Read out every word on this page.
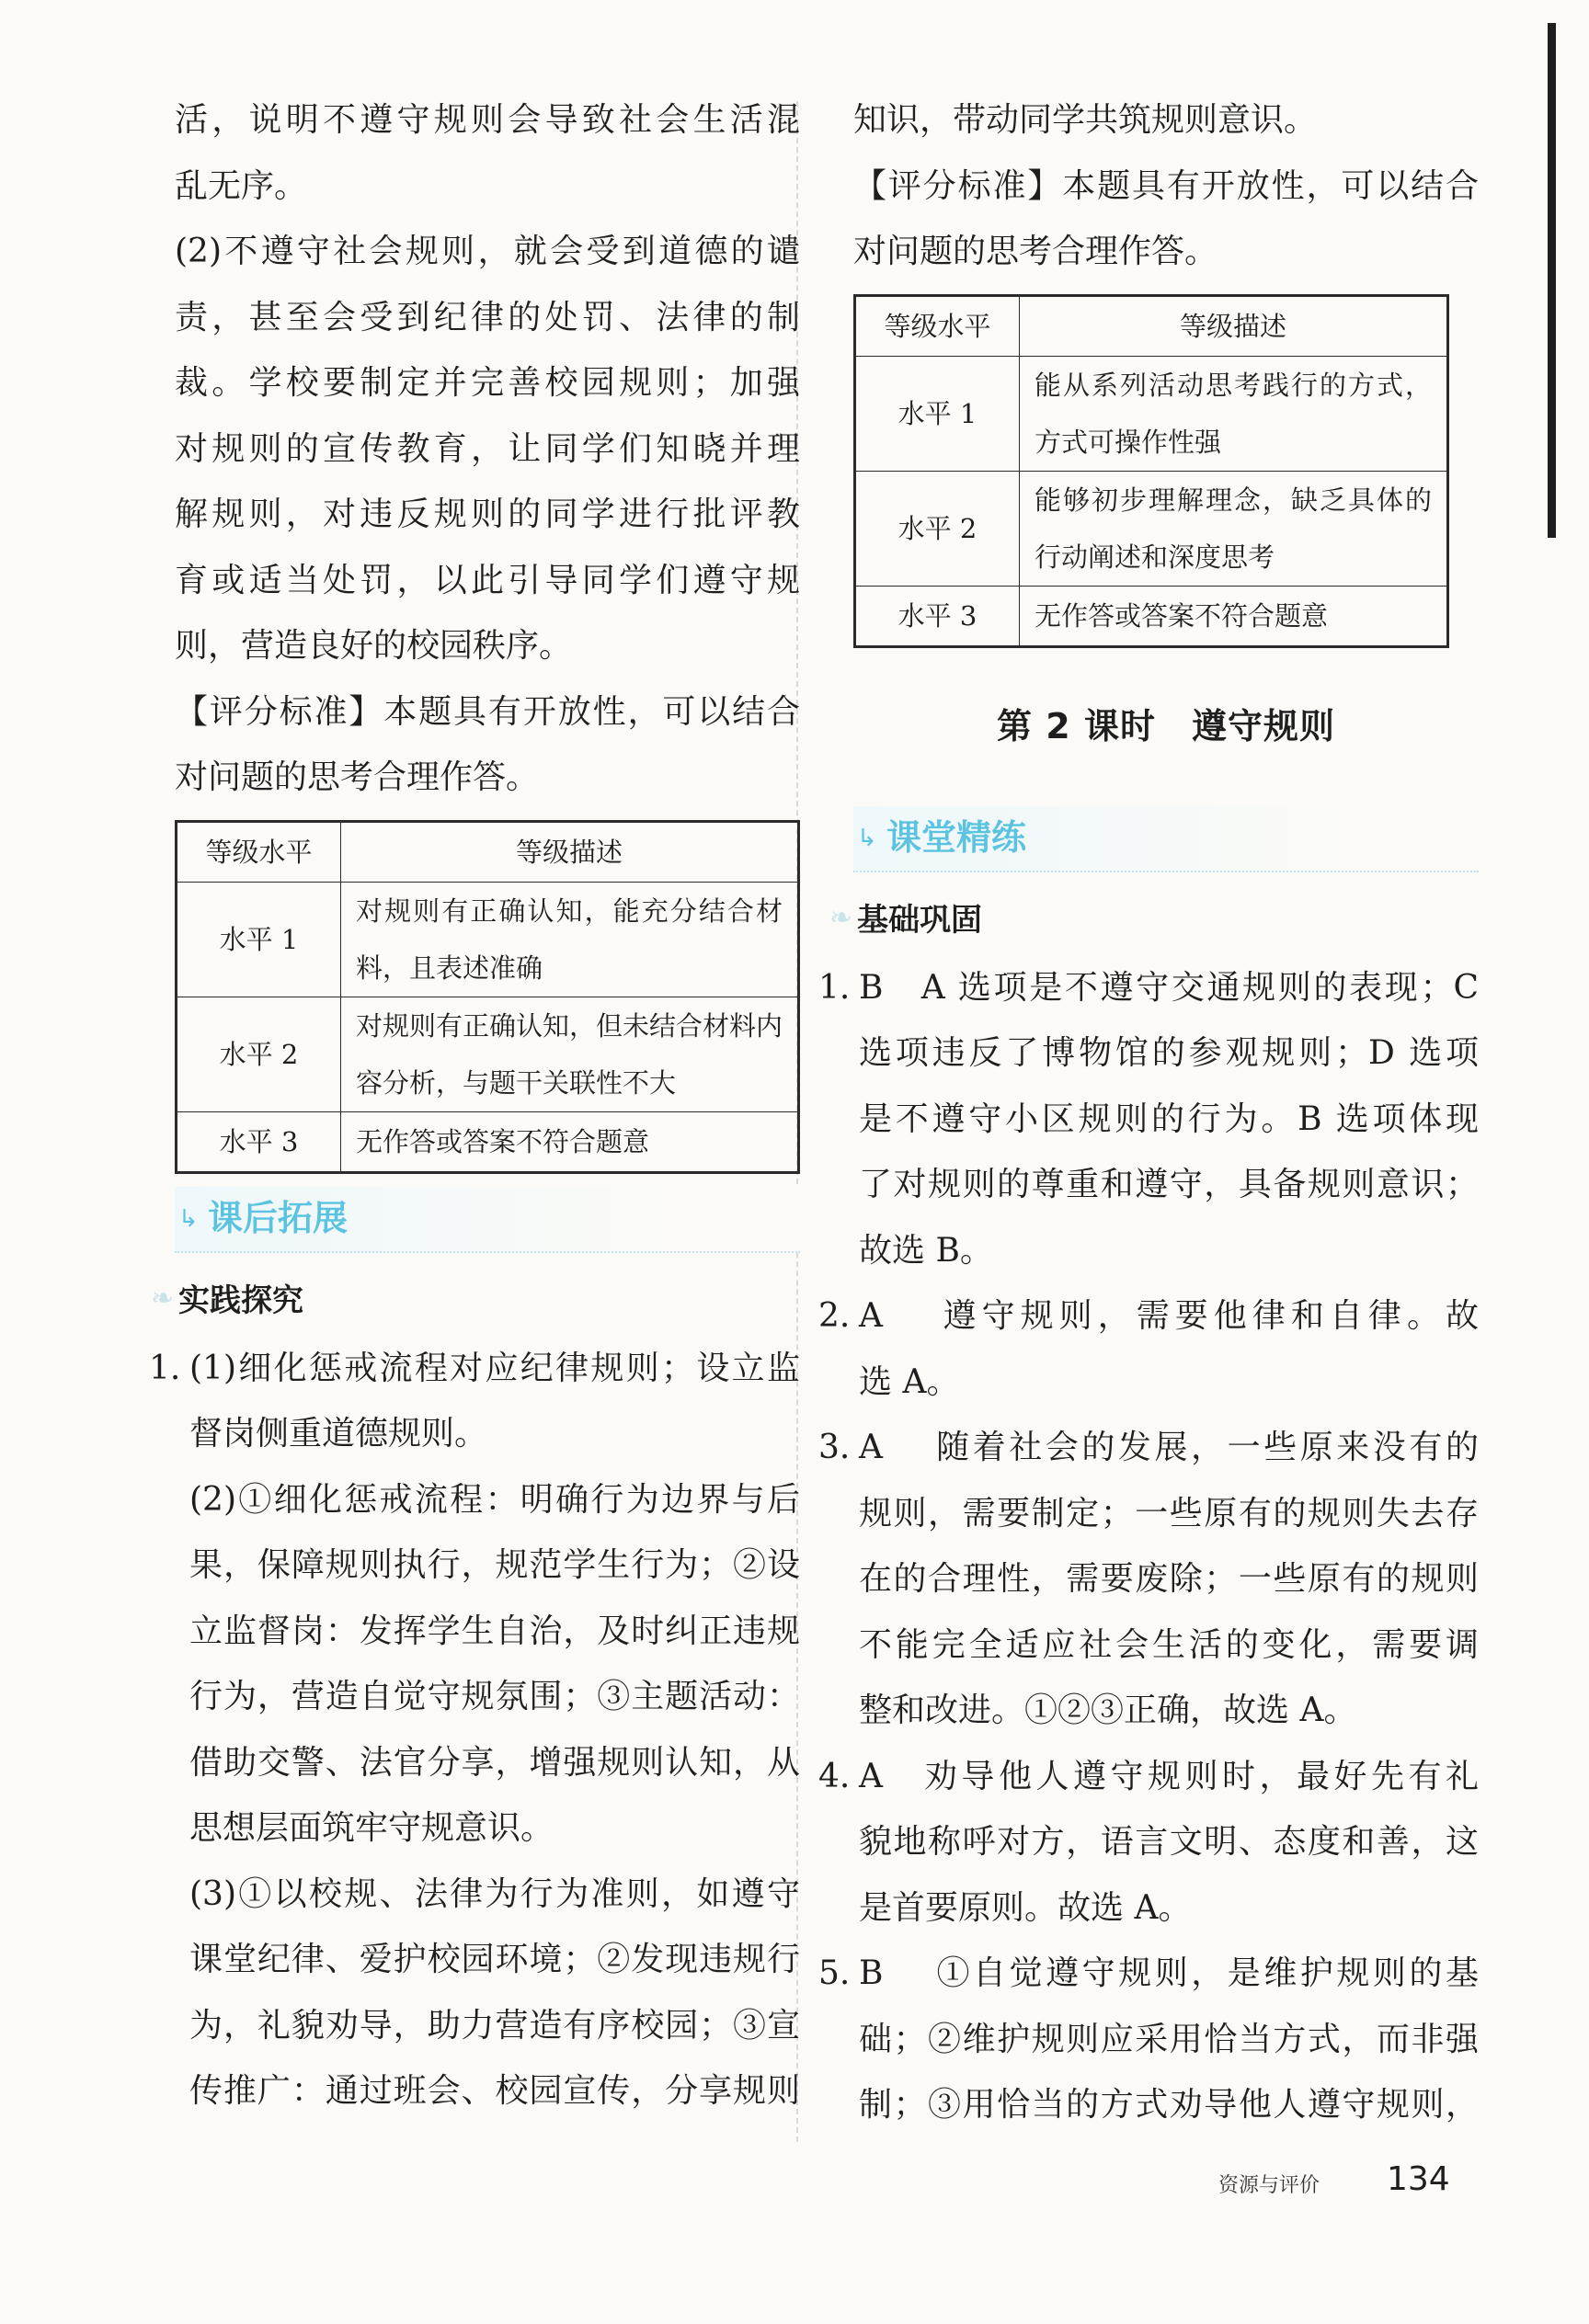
活，说明不遵守规则会导致社会生活混

乱无序。

(2)不遵守社会规则，就会受到道德的谴

责，甚至会受到纪律的处罚、法律的制

裁。学校要制定并完善校园规则；加强

对规则的宣传教育，让同学们知晓并理

解规则，对违反规则的同学进行批评教

育或适当处罚，以此引导同学们遵守规

则，营造良好的校园秩序。

【评分标准】本题具有开放性，可以结合

对问题的思考合理作答。

等级水平	等级描述
水平 1	对规则有正确认知，能充分结合材料，且表述准确
水平 2	对规则有正确认知，但未结合材料内容分析，与题干关联性不大
水平 3	无作答或答案不符合题意
↳ 课后拓展
❧ 实践探究

1. (1)细化惩戒流程对应纪律规则；设立监

督岗侧重道德规则。

(2)①细化惩戒流程：明确行为边界与后

果，保障规则执行，规范学生行为；②设

立监督岗：发挥学生自治，及时纠正违规

行为，营造自觉守规氛围；③主题活动：

借助交警、法官分享，增强规则认知，从

思想层面筑牢守规意识。

(3)①以校规、法律为行为准则，如遵守

课堂纪律、爱护校园环境；②发现违规行

为，礼貌劝导，助力营造有序校园；③宣

传推广：通过班会、校园宣传，分享规则

知识，带动同学共筑规则意识。

【评分标准】本题具有开放性，可以结合

对问题的思考合理作答。

等级水平	等级描述
水平 1	能从系列活动思考践行的方式，方式可操作性强
水平 2	能够初步理解理念，缺乏具体的行动阐述和深度思考
水平 3	无作答或答案不符合题意
第 2 课时　遵守规则
↳ 课堂精练
❧ 基础巩固

1. B　A 选项是不遵守交通规则的表现；C

选项违反了博物馆的参观规则；D 选项

是不遵守小区规则的行为。B 选项体现

了对规则的尊重和遵守，具备规则意识；

故选 B。

2. A　 遵守规则，需要他律和自律。故

选 A。

3. A　 随着社会的发展，一些原来没有的

规则，需要制定；一些原有的规则失去存

在的合理性，需要废除；一些原有的规则

不能完全适应社会生活的变化，需要调

整和改进。①②③正确，故选 A。

4. A　劝导他人遵守规则时，最好先有礼

貌地称呼对方，语言文明、态度和善，这

是首要原则。故选 A。

5. B　 ①自觉遵守规则，是维护规则的基

础；②维护规则应采用恰当方式，而非强

制；③用恰当的方式劝导他人遵守规则，

资源与评价 134
